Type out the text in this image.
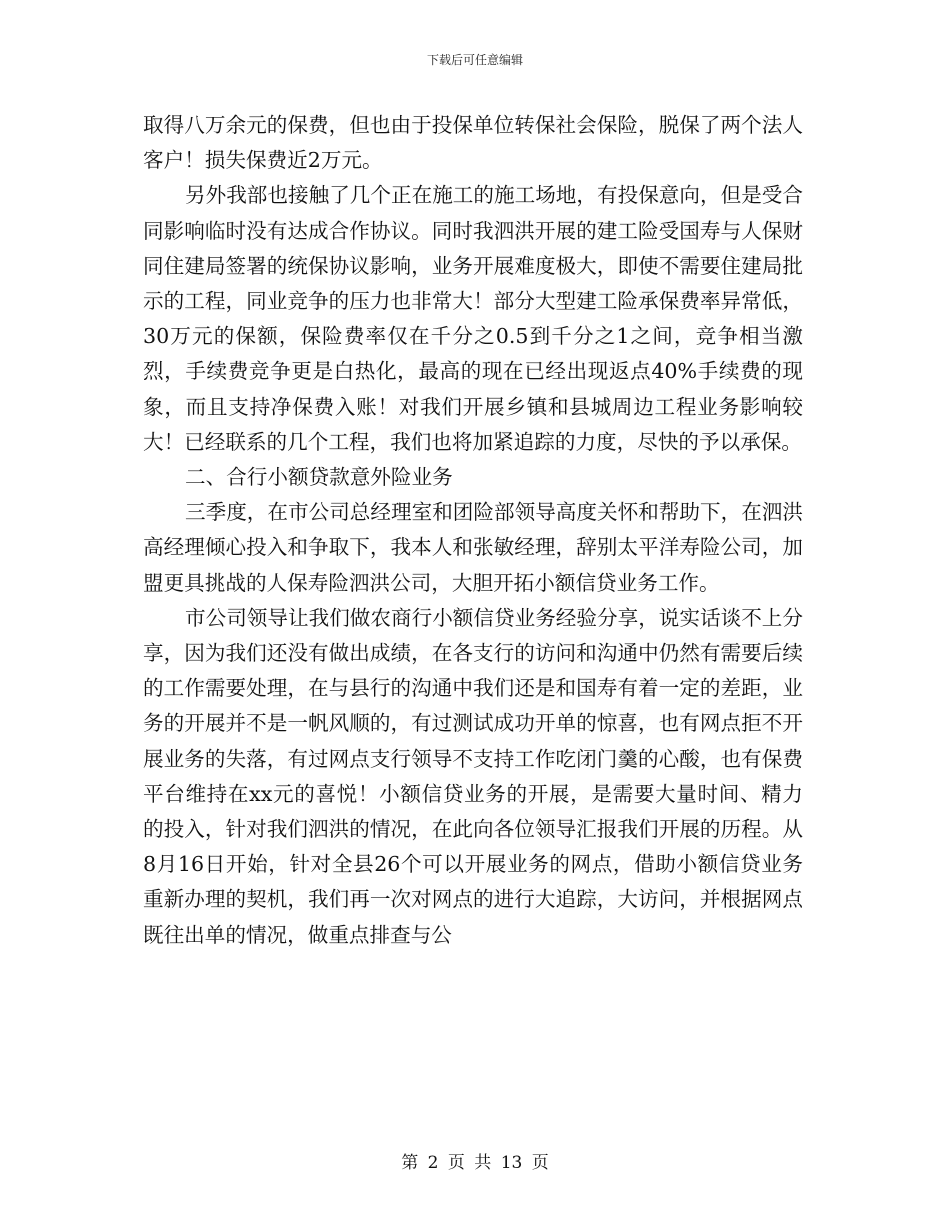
下载后可任意编辑

取得八万余元的保费，但也由于投保单位转保社会保险，脱保了两个法人客户！损失保费近2万元。

另外我部也接触了几个正在施工的施工场地，有投保意向，但是受合同影响临时没有达成合作协议。同时我泗洪开展的建工险受国寿与人保财同住建局签署的统保协议影响，业务开展难度极大，即使不需要住建局批示的工程，同业竞争的压力也非常大！部分大型建工险承保费率异常低，30万元的保额，保险费率仅在千分之0.5到千分之1之间，竞争相当激烈，手续费竞争更是白热化，最高的现在已经出现返点40%手续费的现象，而且支持净保费入账！对我们开展乡镇和县城周边工程业务影响较大！已经联系的几个工程，我们也将加紧追踪的力度，尽快的予以承保。

二、合行小额贷款意外险业务

三季度，在市公司总经理室和团险部领导高度关怀和帮助下，在泗洪高经理倾心投入和争取下，我本人和张敏经理，辞别太平洋寿险公司，加盟更具挑战的人保寿险泗洪公司，大胆开拓小额信贷业务工作。

市公司领导让我们做农商行小额信贷业务经验分享，说实话谈不上分享，因为我们还没有做出成绩，在各支行的访问和沟通中仍然有需要后续的工作需要处理，在与县行的沟通中我们还是和国寿有着一定的差距，业务的开展并不是一帆风顺的，有过测试成功开单的惊喜，也有网点拒不开展业务的失落，有过网点支行领导不支持工作吃闭门羹的心酸，也有保费平台维持在xx元的喜悦！小额信贷业务的开展，是需要大量时间、精力的投入，针对我们泗洪的情况，在此向各位领导汇报我们开展的历程。从8月16日开始，针对全县26个可以开展业务的网点，借助小额信贷业务重新办理的契机，我们再一次对网点的进行大追踪，大访问，并根据网点既往出单的情况，做重点排查与公

第 2 页 共 13 页
